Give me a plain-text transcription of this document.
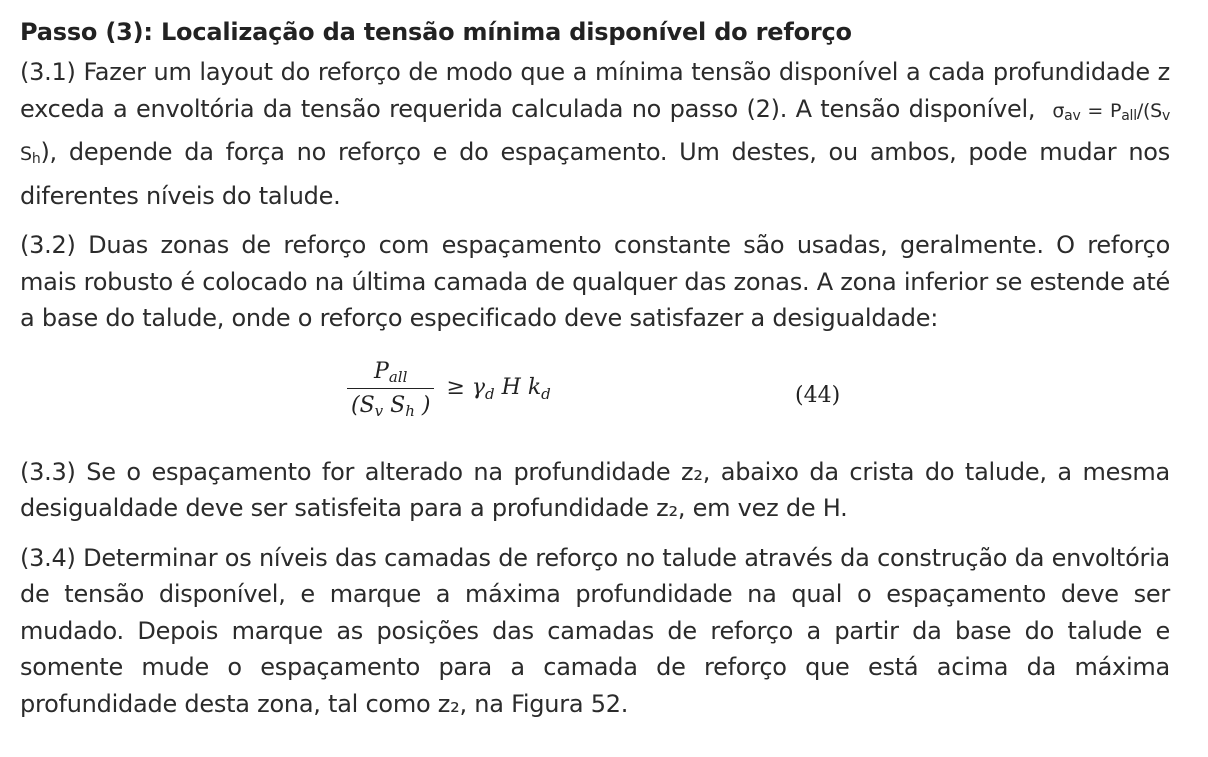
Passo (3): Localização da tensão mínima disponível do reforço

(3.1) Fazer um layout do reforço de modo que a mínima tensão disponível a cada profundidade z exceda a envoltória da tensão requerida calculada no passo (2). A tensão disponível, $\sigma_{av} = P_{all}/(S_v$ $S_h$), depende da força no reforço e do espaçamento. Um destes, ou ambos, pode mudar nos diferentes níveis do talude.

(3.2) Duas zonas de reforço com espaçamento constante são usadas, geralmente. O reforço mais robusto é colocado na última camada de qualquer das zonas. A zona inferior se estende até a base do talude, onde o reforço especificado deve satisfazer a desigualdade:

$\frac{P_{all}}{(S_v S_h )} \ge \gamma_d$ H $k_d$	(44)

(3.3) Se o espaçamento for alterado na profundidade z₂, abaixo da crista do talude, a mesma desigualdade deve ser satisfeita para a profundidade z₂, em vez de H.

(3.4) Determinar os níveis das camadas de reforço no talude através da construção da envoltória de tensão disponível, e marque a máxima profundidade na qual o espaçamento deve ser mudado. Depois marque as posições das camadas de reforço a partir da base do talude e somente mude o espaçamento para a camada de reforço que está acima da máxima profundidade desta zona, tal como z₂, na Figura 52.
